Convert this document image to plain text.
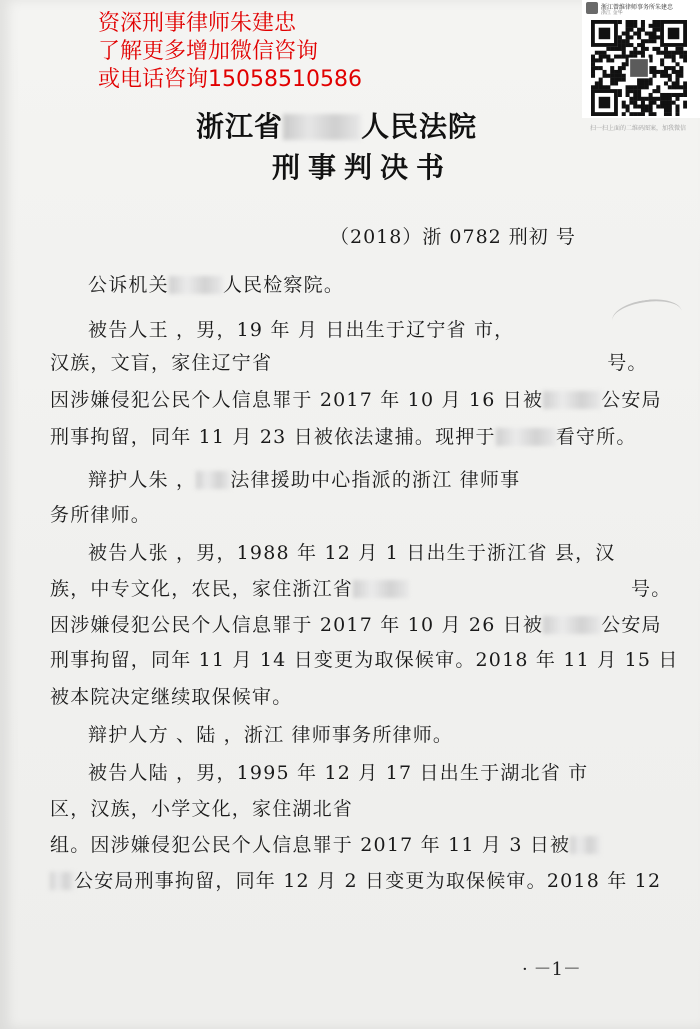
资深刑事律师朱建忠
了解更多增加微信咨询
或电话咨询15058510586
浙江曾维律师事务所朱建忠
浙江 金华
扫一扫上面的二维码图案，加我微信
浙江省	人民法院
刑事判决书
（2018）浙 0782 刑初 号
公诉机关	人民检察院。
被告人王 ，男，19 年 月 日出生于辽宁省 市，
汉族，文盲，家住辽宁省	号。
因涉嫌侵犯公民个人信息罪于 2017 年 10 月 16 日被	公安局
刑事拘留，同年 11 月 23 日被依法逮捕。现押于	看守所。
辩护人朱 ， 法律援助中心指派的浙江 律师事
务所律师。
被告人张 ，男，1988 年 12 月 1 日出生于浙江省 县，汉
族，中专文化，农民，家住浙江省	号。
因涉嫌侵犯公民个人信息罪于 2017 年 10 月 26 日被	公安局
刑事拘留，同年 11 月 14 日变更为取保候审。2018 年 11 月 15 日
被本院决定继续取保候审。
辩护人方 、陆 ，浙江 律师事务所律师。
被告人陆 ，男，1995 年 12 月 17 日出生于湖北省 市
区，汉族，小学文化，家住湖北省
组。因涉嫌侵犯公民个人信息罪于 2017 年 11 月 3 日被
公安局刑事拘留，同年 12 月 2 日变更为取保候审。2018 年 12
· －1－
